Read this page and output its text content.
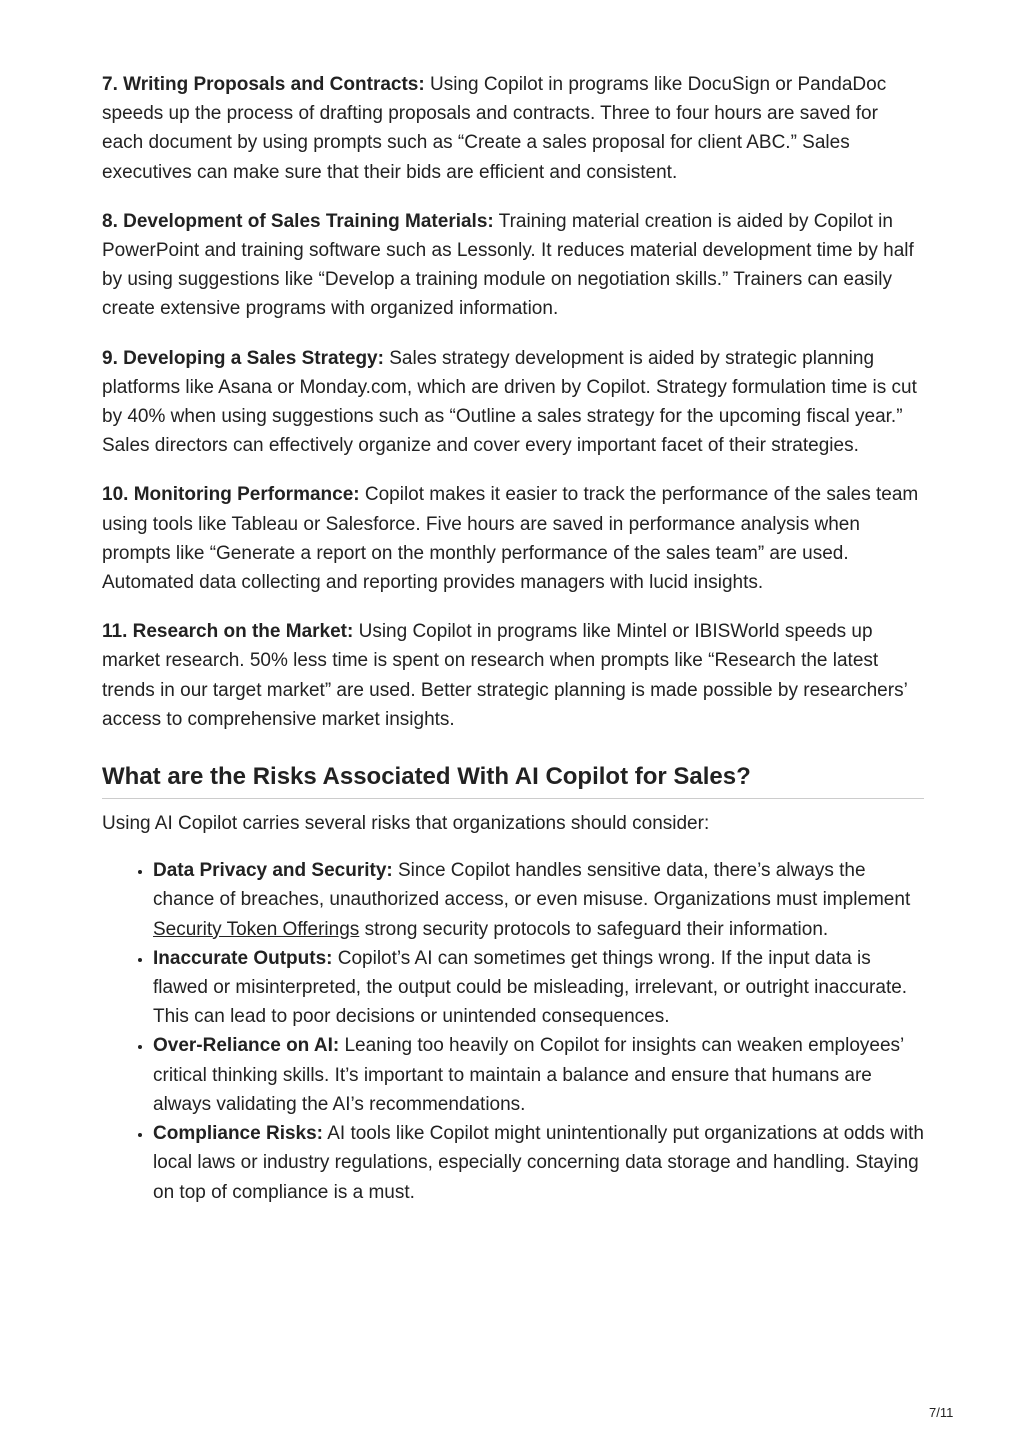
7. Writing Proposals and Contracts: Using Copilot in programs like DocuSign or PandaDoc speeds up the process of drafting proposals and contracts. Three to four hours are saved for each document by using prompts such as “Create a sales proposal for client ABC.” Sales executives can make sure that their bids are efficient and consistent.

8. Development of Sales Training Materials: Training material creation is aided by Copilot in PowerPoint and training software such as Lessonly. It reduces material development time by half by using suggestions like “Develop a training module on negotiation skills.” Trainers can easily create extensive programs with organized information.

9. Developing a Sales Strategy: Sales strategy development is aided by strategic planning platforms like Asana or Monday.com, which are driven by Copilot. Strategy formulation time is cut by 40% when using suggestions such as “Outline a sales strategy for the upcoming fiscal year.” Sales directors can effectively organize and cover every important facet of their strategies.

10. Monitoring Performance: Copilot makes it easier to track the performance of the sales team using tools like Tableau or Salesforce. Five hours are saved in performance analysis when prompts like “Generate a report on the monthly performance of the sales team” are used. Automated data collecting and reporting provides managers with lucid insights.

11. Research on the Market: Using Copilot in programs like Mintel or IBISWorld speeds up market research. 50% less time is spent on research when prompts like “Research the latest trends in our target market” are used. Better strategic planning is made possible by researchers’ access to comprehensive market insights.

What are the Risks Associated With AI Copilot for Sales?

Using AI Copilot carries several risks that organizations should consider:

• Data Privacy and Security: Since Copilot handles sensitive data, there’s always the chance of breaches, unauthorized access, or even misuse. Organizations must implement Security Token Offerings strong security protocols to safeguard their information.
• Inaccurate Outputs: Copilot’s AI can sometimes get things wrong. If the input data is flawed or misinterpreted, the output could be misleading, irrelevant, or outright inaccurate. This can lead to poor decisions or unintended consequences.
• Over-Reliance on AI: Leaning too heavily on Copilot for insights can weaken employees’ critical thinking skills. It’s important to maintain a balance and ensure that humans are always validating the AI’s recommendations.
• Compliance Risks: AI tools like Copilot might unintentionally put organizations at odds with local laws or industry regulations, especially concerning data storage and handling. Staying on top of compliance is a must.
7/11
